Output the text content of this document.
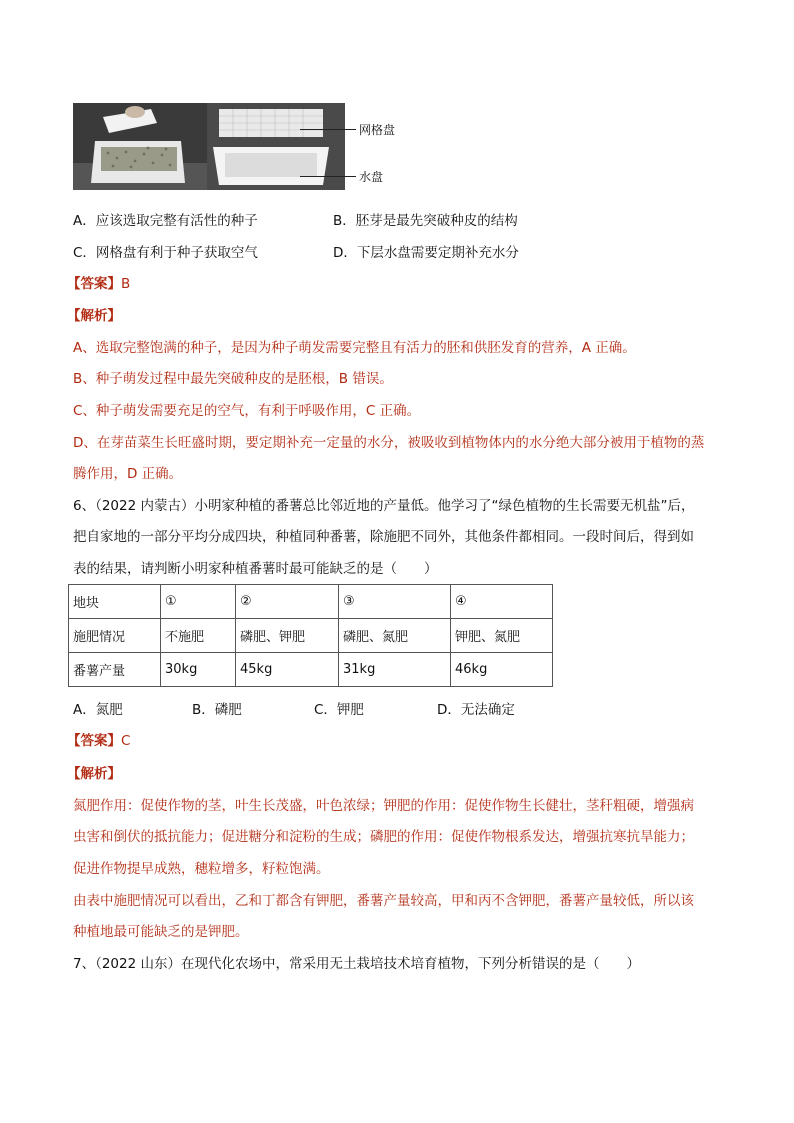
网格盘
水盘
A．应该选取完整有活性的种子	B．胚芽是最先突破种皮的结构
C．网格盘有利于种子获取空气	D．下层水盘需要定期补充水分
【答案】B
【解析】
A、选取完整饱满的种子，是因为种子萌发需要完整且有活力的胚和供胚发育的营养，A 正确。
B、种子萌发过程中最先突破种皮的是胚根，B 错误。
C、种子萌发需要充足的空气，有利于呼吸作用，C 正确。
D、在芽苗菜生长旺盛时期，要定期补充一定量的水分，被吸收到植物体内的水分绝大部分被用于植物的蒸
腾作用，D 正确。
6、（2022 内蒙古）小明家种植的番薯总比邻近地的产量低。他学习了“绿色植物的生长需要无机盐”后，
把自家地的一部分平均分成四块，种植同种番薯，除施肥不同外，其他条件都相同。一段时间后，得到如
表的结果，请判断小明家种植番薯时最可能缺乏的是（　　）
地块	①	②	③	④
施肥情况	不施肥	磷肥、钾肥	磷肥、氮肥	钾肥、氮肥
番薯产量	30kg	45kg	31kg	46kg
A．氮肥	B．磷肥	C．钾肥	D．无法确定
【答案】C
【解析】
氮肥作用：促使作物的茎，叶生长茂盛，叶色浓绿；钾肥的作用：促使作物生长健壮，茎秆粗硬，增强病
虫害和倒伏的抵抗能力；促进糖分和淀粉的生成；磷肥的作用：促使作物根系发达，增强抗寒抗旱能力；
促进作物提早成熟，穗粒增多，籽粒饱满。
由表中施肥情况可以看出，乙和丁都含有钾肥，番薯产量较高，甲和丙不含钾肥，番薯产量较低，所以该
种植地最可能缺乏的是钾肥。
7、（2022 山东）在现代化农场中，常采用无土栽培技术培育植物，下列分析错误的是（　　）
